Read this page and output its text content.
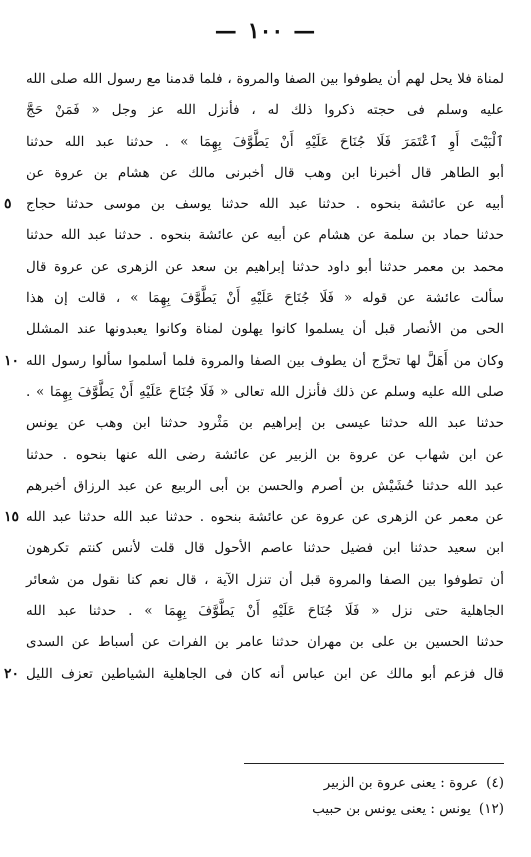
— ١٠٠ —
لمناة فلا يحل لهم أن يطوفوا بين الصفا والمروة ، فلما قدمنا مع رسول الله صلى الله
عليه وسلم فى حجته ذكروا ذلك له ، فأنزل الله عز وجل « فَمَنْ حَجَّ
ٱلْبَيْتَ أَوِ ٱعْتَمَرَ فَلَا جُنَاحَ عَلَيْهِ أَنْ يَطَّوَّفَ بِهِمَا » . حدثنا عبد الله حدثنا
أبو الطاهر قال أخبرنا ابن وهب قال أخبرنى مالك عن هشام بن عروة عن
أبيه عن عائشة بنحوه . حدثنا عبد الله حدثنا يوسف بن موسى حدثنا حجاج
٥
حدثنا حماد بن سلمة عن هشام عن أبيه عن عائشة بنحوه . حدثنا عبد الله حدثنا
محمد بن معمر حدثنا أبو داود حدثنا إبراهيم بن سعد عن الزهرى عن عروة قال
سألت عائشة عن قوله « فَلَا جُنَاحَ عَلَيْهِ أَنْ يَطَّوَّفَ بِهِمَا » ، قالت إن هذا
الحى من الأنصار قبل أن يسلموا كانوا يهلون لمناة وكانوا يعبدونها عند المشلل
وكان من أَهَلَّ لها تحرَّج أن يطوف بين الصفا والمروة فلما أسلموا سألوا رسول الله
١٠
صلى الله عليه وسلم عن ذلك فأنزل الله تعالى « فَلَا جُنَاحَ عَلَيْهِ أَنْ يَطَّوَّفَ بِهِمَا » .
حدثنا عبد الله حدثنا عيسى بن إبراهيم بن مَثْرود حدثنا ابن وهب عن يونس
عن ابن شهاب عن عروة بن الزبير عن عائشة رضى الله عنها بنحوه . حدثنا
عبد الله حدثنا حُشَيْش بن أصرم والحسن بن أبى الربيع عن عبد الرزاق أخبرهم
عن معمر عن الزهرى عن عروة عن عائشة بنحوه . حدثنا عبد الله حدثنا عبد الله
١٥
ابن سعيد حدثنا ابن فضيل حدثنا عاصم الأحول قال قلت لأنس كنتم تكرهون
أن تطوفوا بين الصفا والمروة قبل أن تنزل الآية ، قال نعم كنا نقول من شعائر
الجاهلية حتى نزل « فَلَا جُنَاحَ عَلَيْهِ أَنْ يَطَّوَّفَ بِهِمَا » . حدثنا عبد الله
حدثنا الحسين بن على بن مهران حدثنا عامر بن الفرات عن أسباط عن السدى
قال فزعم أبو مالك عن ابن عباس أنه كان فى الجاهلية الشياطين تعزف الليل
٢٠
(٤)عروة : يعنى عروة بن الزبير
(١٢)يونس : يعنى يونس بن حبيب
